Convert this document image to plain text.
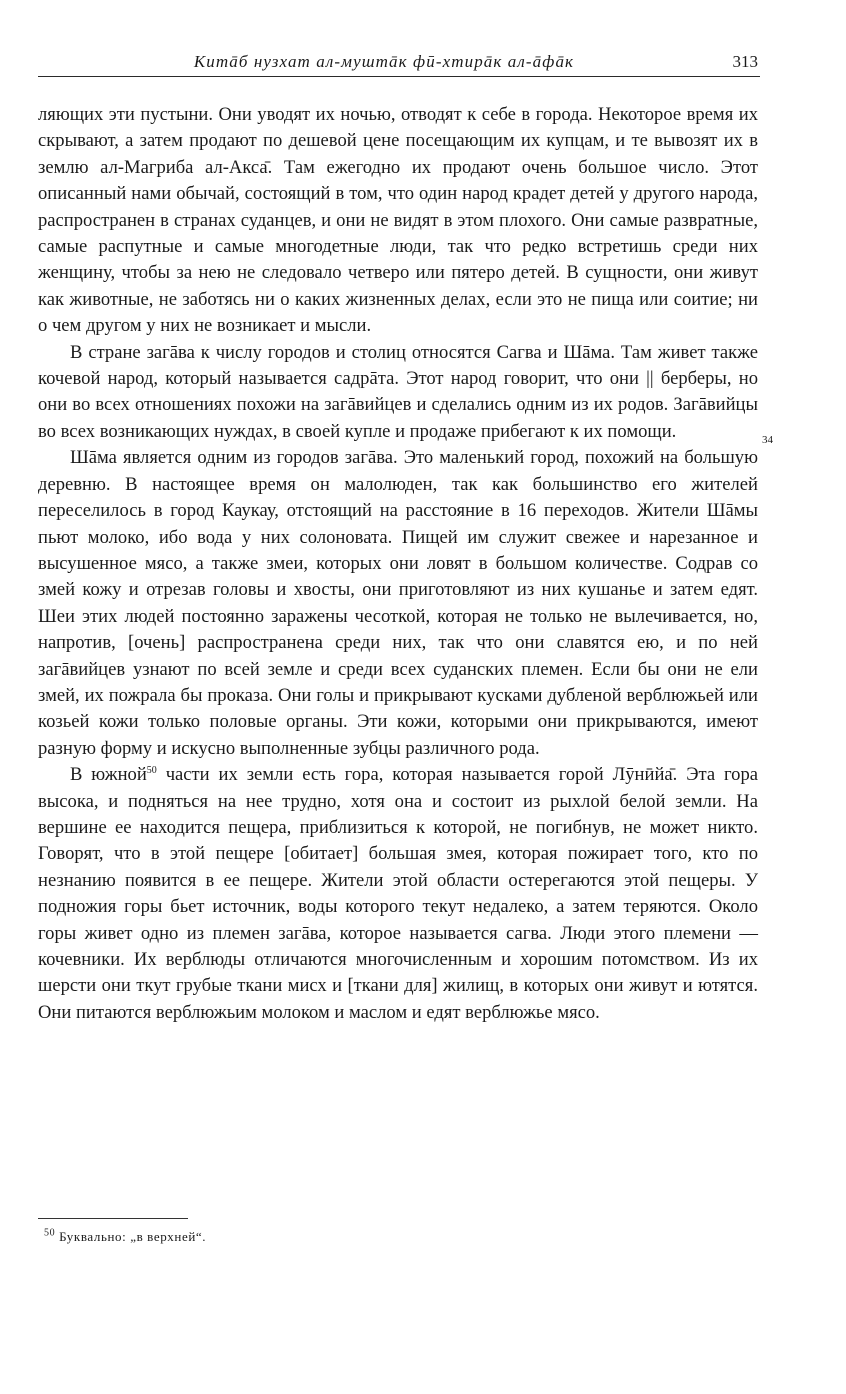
Китāб нузхат ал-муштāк фӣ-хтирāк ал-āфāк	313

ляющих эти пустыни. Они уводят их ночью, отводят к себе в города. Некоторое время их скрывают, а затем продают по дешевой цене посещающим их купцам, и те вывозят их в землю ал-Магриба ал-Акса̄. Там ежегодно их продают очень большое число. Этот описанный нами обычай, состоящий в том, что один народ крадет детей у другого народа, распространен в странах суданцев, и они не видят в этом плохого. Они самые развратные, самые распутные и самые многодетные люди, так что редко встретишь среди них женщину, чтобы за нею не следовало четверо или пятеро детей. В сущности, они живут как животные, не заботясь ни о каких жизненных делах, если это не пища или соитие; ни о чем другом у них не возникает и мысли.

В стране загāва к числу городов и столиц относятся Сагва и Шāма. Там живет также кочевой народ, который называется садрāта. Этот народ говорит, что они || берберы, но они во всех отношениях похожи на загāвийцев и сделались одним из их родов. Загāвийцы во всех возникающих нуждах, в своей купле и продаже прибегают к их помощи.

Шāма является одним из городов загāва. Это маленький город, похожий на большую деревню. В настоящее время он малолюден, так как большинство его жителей переселилось в город Каукау, отстоящий на расстояние в 16 переходов. Жители Шāмы пьют молоко, ибо вода у них солоновата. Пищей им служит свежее и нарезанное и высушенное мясо, а также змеи, которых они ловят в большом количестве. Содрав со змей кожу и отрезав головы и хвосты, они приготовляют из них кушанье и затем едят. Шеи этих людей постоянно заражены чесоткой, которая не только не вылечивается, но, напротив, [очень] распространена среди них, так что они славятся ею, и по ней загāвийцев узнают по всей земле и среди всех суданских племен. Если бы они не ели змей, их пожрала бы проказа. Они голы и прикрывают кусками дубленой верблюжьей или козьей кожи только половые органы. Эти кожи, которыми они прикрываются, имеют разную форму и искусно выполненные зубцы различного рода.

В южной$^{50}$ части их земли есть гора, которая называется горой Лӯнӣйа̄. Эта гора высока, и подняться на нее трудно, хотя она и состоит из рыхлой белой земли. На вершине ее находится пещера, приблизиться к которой, не погибнув, не может никто. Говорят, что в этой пещере [обитает] большая змея, которая пожирает того, кто по незнанию появится в ее пещере. Жители этой области остерегаются этой пещеры. У подножия горы бьет источник, воды которого текут недалеко, а затем теряются. Около горы живет одно из племен загāва, которое называется сагва. Люди этого племени — кочевники. Их верблюды отличаются многочисленным и хорошим потомством. Из их шерсти они ткут грубые ткани мисх и [ткани для] жилищ, в которых они живут и ютятся. Они питаются верблюжьим молоком и маслом и едят верблюжье мясо.

34
$^{50}$ Буквально: „в верхней“.
